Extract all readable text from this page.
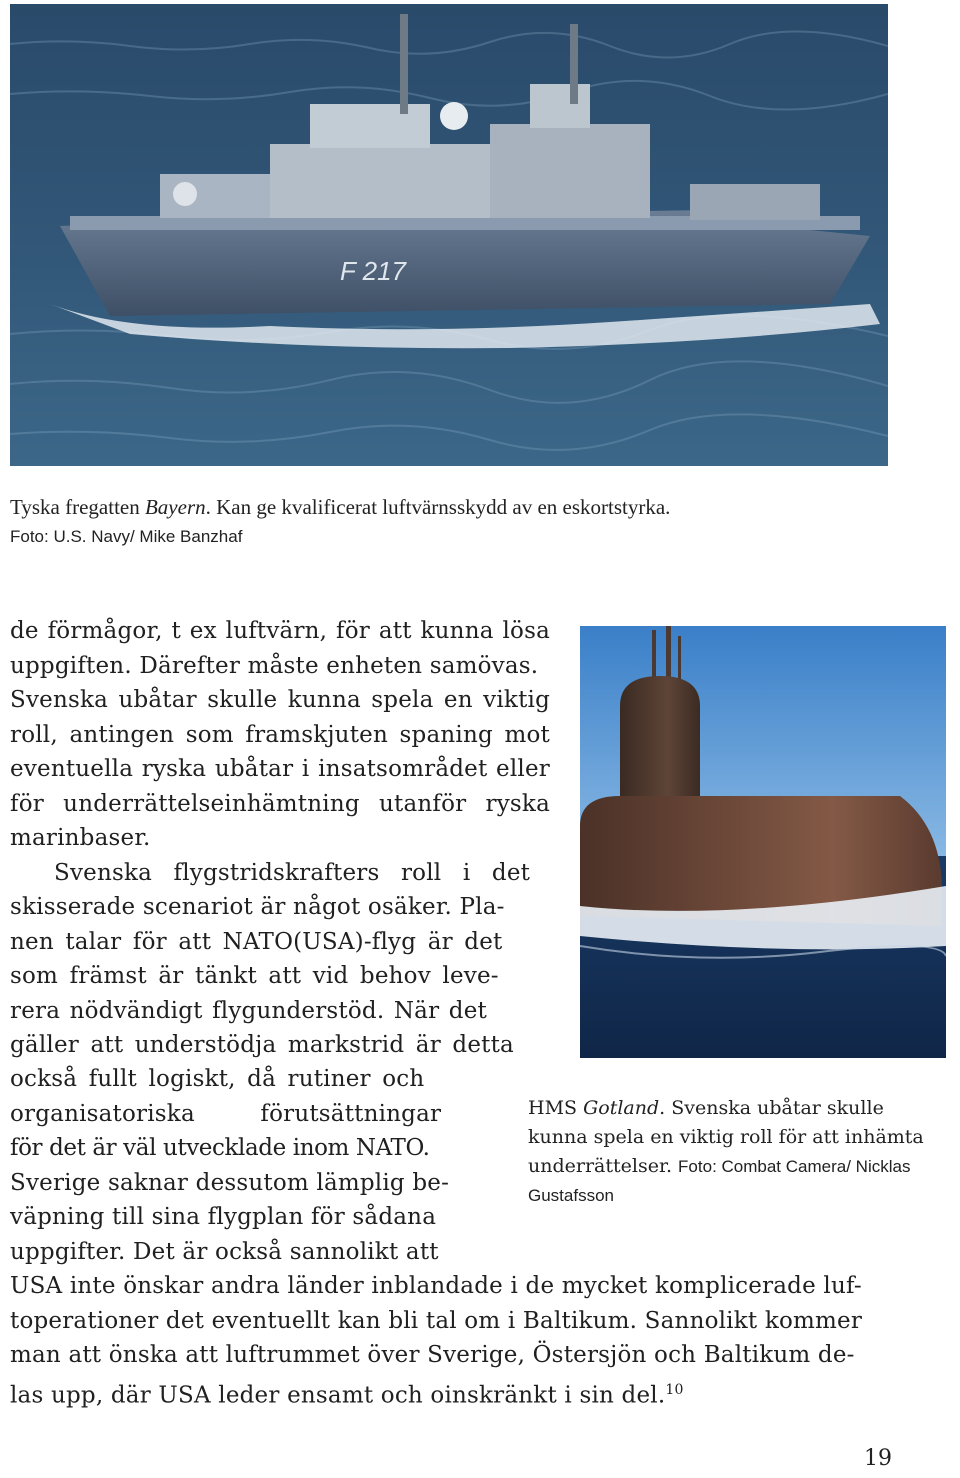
F 217
Tyska fregatten Bayern. Kan ge kvalificerat luftvärnsskydd av en eskortstyrka.
Foto: U.S. Navy/ Mike Banzhaf
de förmågor, t ex luftvärn, för att kunna lösa
uppgiften. Därefter måste enheten samövas.
Svenska ubåtar skulle kunna spela en viktig
roll, antingen som framskjuten spaning mot
eventuella ryska ubåtar i insatsområdet eller
för underrättelseinhämtning utanför ryska
marinbaser.
Svenska flygstridskrafters roll i det
skisserade scenariot är något osäker. Pla-
nen talar för att NATO(USA)-flyg är det
som främst är tänkt att vid behov leve-
rera nödvändigt flygunderstöd. När det
gäller att understödja markstrid är detta
också fullt logiskt, då rutiner och
organisatoriska förutsättningar
för det är väl utvecklade inom NATO.
Sverige saknar dessutom lämplig be-
väpning till sina flygplan för sådana
uppgifter. Det är också sannolikt att
USA inte önskar andra länder inblandade i de mycket komplicerade luf-
toperationer det eventuellt kan bli tal om i Baltikum. Sannolikt kommer
man att önska att luftrummet över Sverige, Östersjön och Baltikum de-
las upp, där USA leder ensamt och oinskränkt i sin del.$^{10}$
HMS Gotland. Svenska ubåtar skulle
kunna spela en viktig roll för att inhämta
underrättelser. Foto: Combat Camera/ Nicklas
Gustafsson
19
